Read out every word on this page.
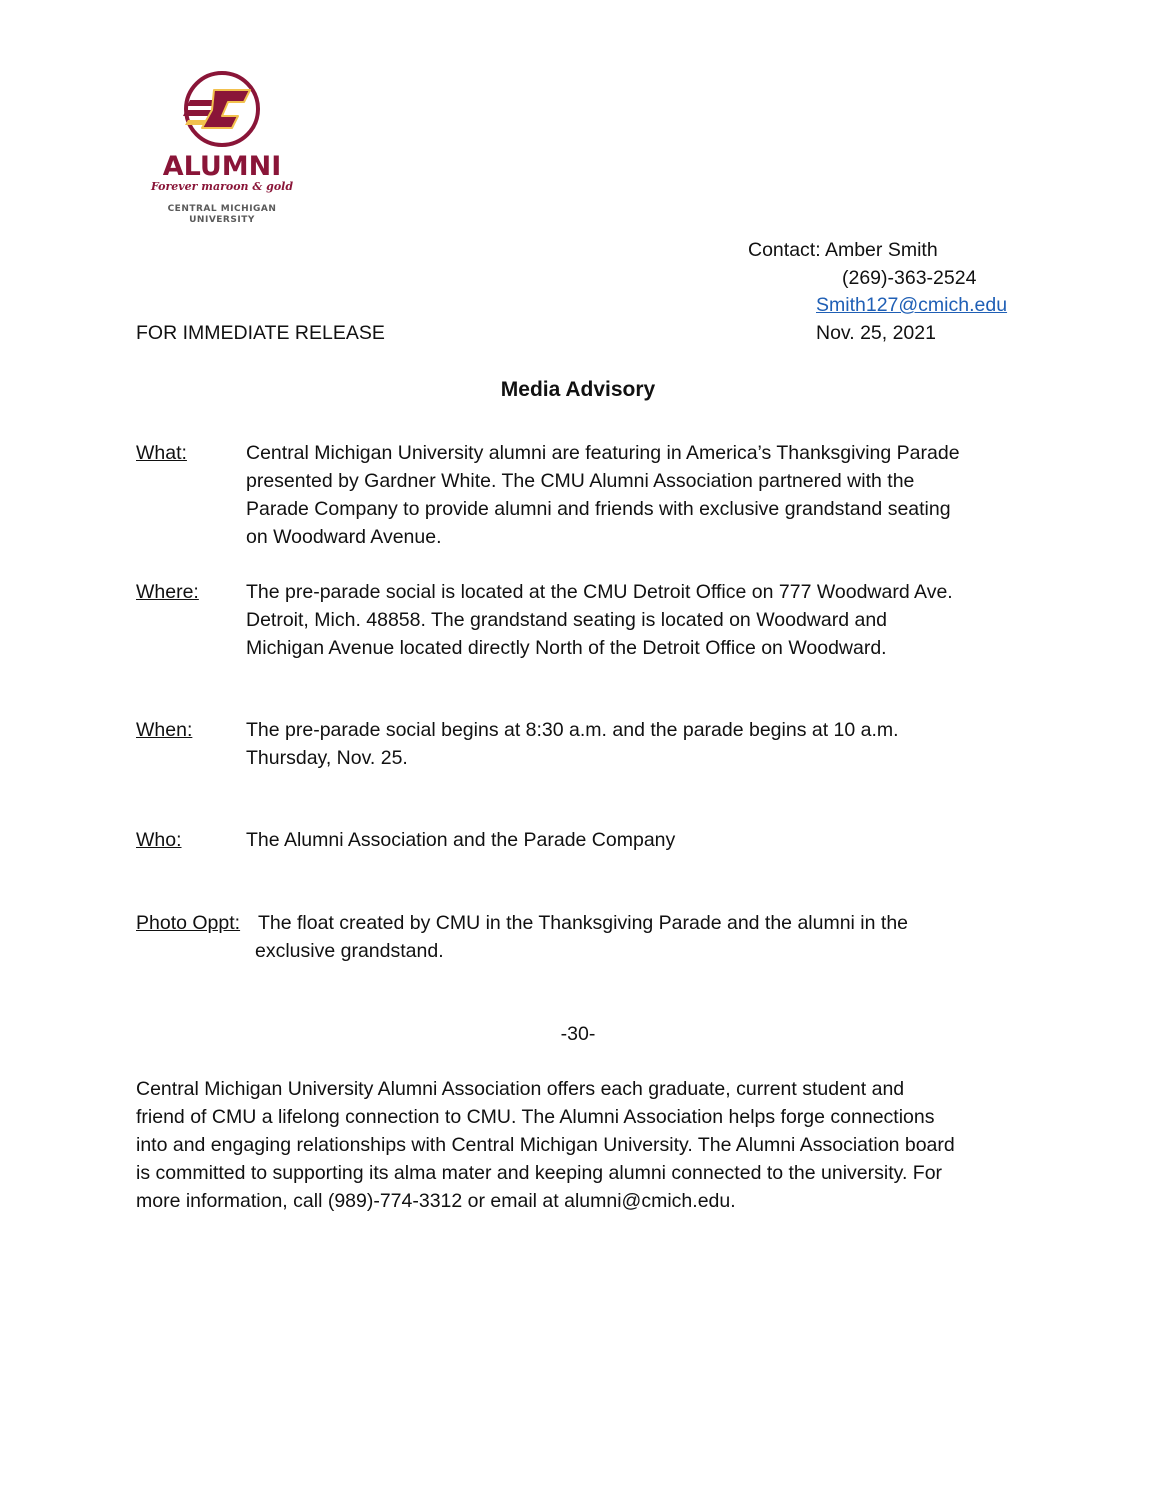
ALUMNI
Forever maroon & gold
CENTRAL MICHIGAN
UNIVERSITY
Contact: Amber Smith
(269)-363-2524
Smith127@cmich.edu
FOR IMMEDIATE RELEASE	Nov. 25, 2021
Media Advisory
What:	Central Michigan University alumni are featuring in America’s Thanksgiving Parade
presented by Gardner White. The CMU Alumni Association partnered with the
Parade Company to provide alumni and friends with exclusive grandstand seating
on Woodward Avenue.
Where: The pre-parade social is located at the CMU Detroit Office on 777 Woodward Ave.
Detroit, Mich. 48858. The grandstand seating is located on Woodward and
Michigan Avenue located directly North of the Detroit Office on Woodward.
When:	The pre-parade social begins at 8:30 a.m. and the parade begins at 10 a.m.
Thursday, Nov. 25.
Who:	The Alumni Association and the Parade Company
Photo Oppt: The float created by CMU in the Thanksgiving Parade and the alumni in the
exclusive grandstand.
-30-
Central Michigan University Alumni Association offers each graduate, current student and
friend of CMU a lifelong connection to CMU. The Alumni Association helps forge connections
into and engaging relationships with Central Michigan University. The Alumni Association board
is committed to supporting its alma mater and keeping alumni connected to the university. For
more information, call (989)-774-3312 or email at alumni@cmich.edu.
